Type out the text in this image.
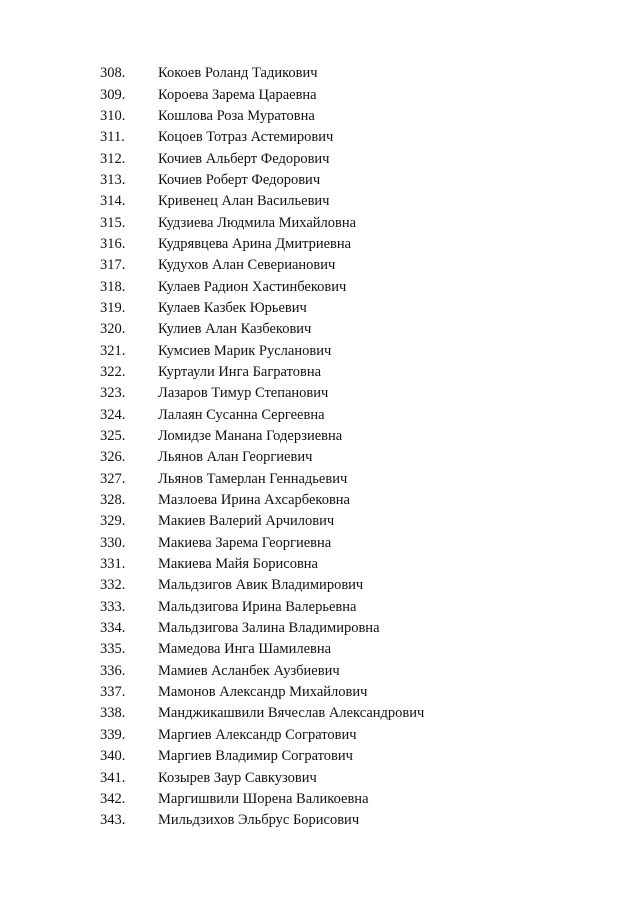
308.	Кокоев Роланд Тадикович
309.	Короева Зарема Цараевна
310.	Кошлова Роза Муратовна
311.	Коцоев Тотраз Астемирович
312.	Кочиев Альберт Федорович
313.	Кочиев Роберт Федорович
314.	Кривенец Алан Васильевич
315.	Кудзиева Людмила Михайловна
316.	Кудрявцева Арина Дмитриевна
317.	Кудухов Алан Северианович
318.	Кулаев Радион Хастинбекович
319.	Кулаев Казбек Юрьевич
320.	Кулиев Алан Казбекович
321.	Кумсиев Марик Русланович
322.	Куртаули Инга Багратовна
323.	Лазаров Тимур Степанович
324.	Лалаян Сусанна Сергеевна
325.	Ломидзе Манана Годерзиевна
326.	Льянов Алан Георгиевич
327.	Льянов Тамерлан Геннадьевич
328.	Мазлоева Ирина Ахсарбековна
329.	Макиев Валерий Арчилович
330.	Макиева Зарема Георгиевна
331.	Макиева Майя Борисовна
332.	Мальдзигов Авик Владимирович
333.	Мальдзигова Ирина Валерьевна
334.	Мальдзигова Залина Владимировна
335.	Мамедова Инга Шамилевна
336.	Мамиев Асланбек Аузбиевич
337.	Мамонов Александр Михайлович
338.	Манджикашвили Вячеслав Александрович
339.	Маргиев Александр Согратович
340.	Маргиев Владимир Согратович
341.	Козырев Заур Савкузович
342.	Маргишвили Шорена Валикоевна
343.	Мильдзихов Эльбрус Борисович
